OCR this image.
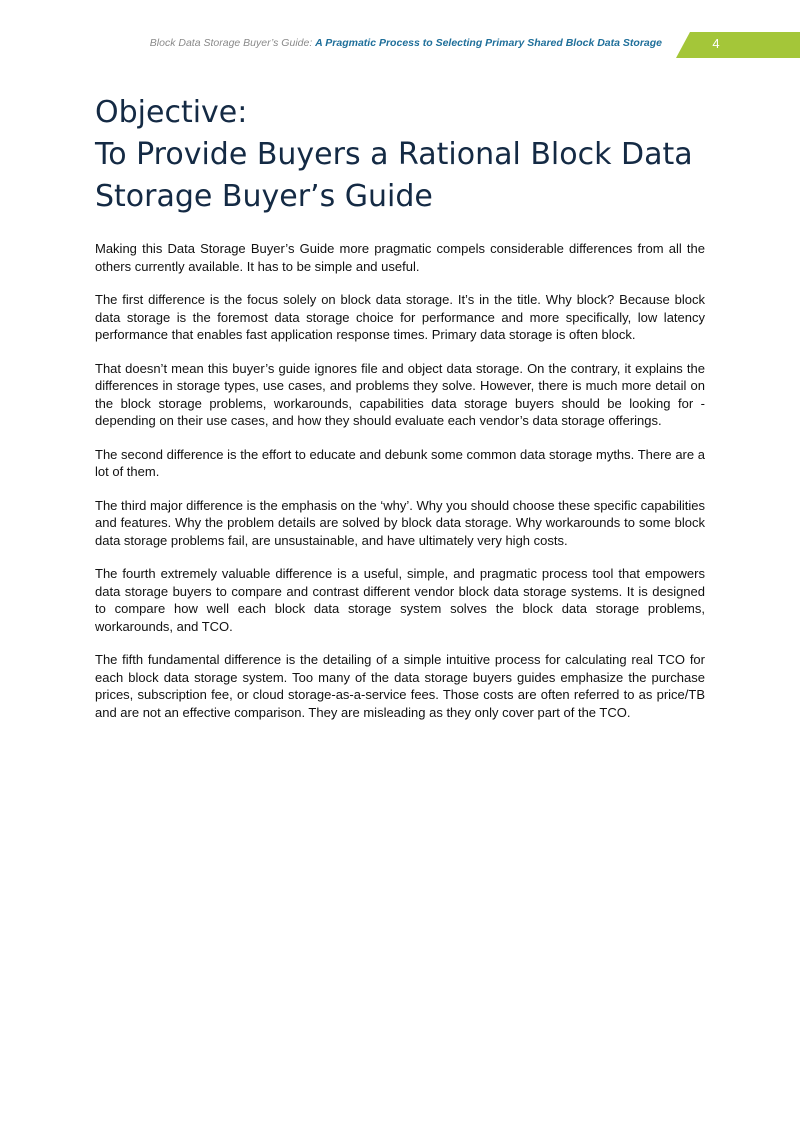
Block Data Storage Buyer’s Guide: A Pragmatic Process to Selecting Primary Shared Block Data Storage	4
Objective:
To Provide Buyers a Rational Block Data
Storage Buyer’s Guide

Making this Data Storage Buyer’s Guide more pragmatic compels considerable differences from all the others currently available. It has to be simple and useful.

The first difference is the focus solely on block data storage. It’s in the title. Why block? Because block data storage is the foremost data storage choice for performance and more specifically, low latency performance that enables fast application response times. Primary data storage is often block.

That doesn’t mean this buyer’s guide ignores file and object data storage. On the contrary, it explains the differences in storage types, use cases, and problems they solve. However, there is much more detail on the block storage problems, workarounds, capabilities data storage buyers should be looking for - depending on their use cases, and how they should evaluate each vendor’s data storage offerings.

The second difference is the effort to educate and debunk some common data storage myths. There are a lot of them.

The third major difference is the emphasis on the ‘why’. Why you should choose these specific capabilities and features. Why the problem details are solved by block data storage. Why workarounds to some block data storage problems fail, are unsustainable, and have ultimately very high costs.

The fourth extremely valuable difference is a useful, simple, and pragmatic process tool that empowers data storage buyers to compare and contrast different vendor block data storage systems. It is designed to compare how well each block data storage system solves the block data storage problems, workarounds, and TCO.

The fifth fundamental difference is the detailing of a simple intuitive process for calculating real TCO for each block data storage system. Too many of the data storage buyers guides emphasize the purchase prices, subscription fee, or cloud storage-as-a-service fees. Those costs are often referred to as price/TB and are not an effective comparison. They are misleading as they only cover part of the TCO.
